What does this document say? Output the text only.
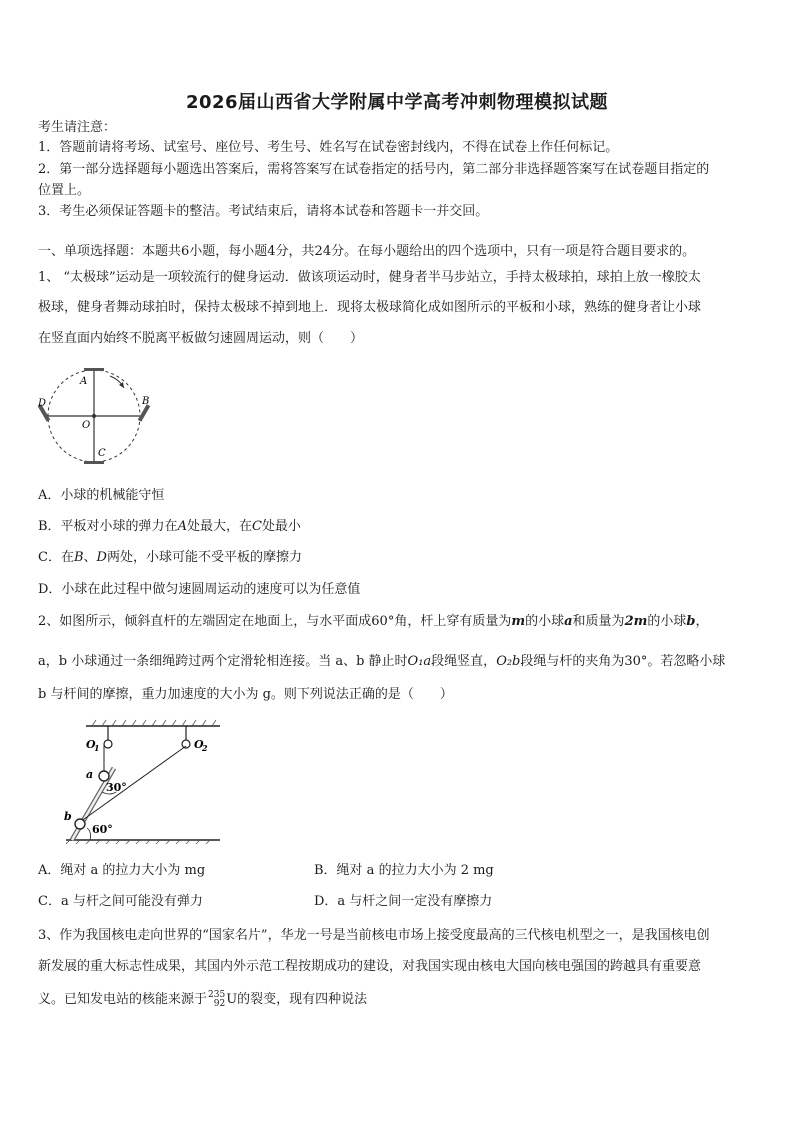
2026届山西省大学附属中学高考冲刺物理模拟试题
考生请注意：
1．答题前请将考场、试室号、座位号、考生号、姓名写在试卷密封线内，不得在试卷上作任何标记。
2．第一部分选择题每小题选出答案后，需将答案写在试卷指定的括号内，第二部分非选择题答案写在试卷题目指定的
位置上。
3．考生必须保证答题卡的整洁。考试结束后，请将本试卷和答题卡一并交回。
一、单项选择题：本题共6小题，每小题4分，共24分。在每小题给出的四个选项中，只有一项是符合题目要求的。
1、 “太极球”运动是一项较流行的健身运动．做该项运动时，健身者半马步站立，手持太极球拍，球拍上放一橡胶太
极球，健身者舞动球拍时，保持太极球不掉到地上．现将太极球简化成如图所示的平板和小球，熟练的健身者让小球
在竖直面内始终不脱离平板做匀速圆周运动，则（　　）
A
B
C
D
O
A．小球的机械能守恒
B．平板对小球的弹力在A处最大，在C处最小
C．在B、D两处，小球可能不受平板的摩擦力
D．小球在此过程中做匀速圆周运动的速度可以为任意值
2、如图所示，倾斜直杆的左端固定在地面上，与水平面成60°角，杆上穿有质量为m的小球a和质量为2m的小球b，
a，b 小球通过一条细绳跨过两个定滑轮相连接。当 a、b 静止时O₁a段绳竖直，O₂b段绳与杆的夹角为30°。若忽略小球
b 与杆间的摩擦，重力加速度的大小为 g。则下列说法正确的是（　　）
O
1	O
2
a
b
30°
60°
A．绳对 a 的拉力大小为 mg	B．绳对 a 的拉力大小为 2 mg
C．a 与杆之间可能没有弹力	D．a 与杆之间一定没有摩擦力
3、作为我国核电走向世界的“国家名片”，华龙一号是当前核电市场上接受度最高的三代核电机型之一，是我国核电创
新发展的重大标志性成果，其国内外示范工程按期成功的建设，对我国实现由核电大国向核电强国的跨越具有重要意
义。已知发电站的核能来源于 235
92 U的裂变，现有四种说法
